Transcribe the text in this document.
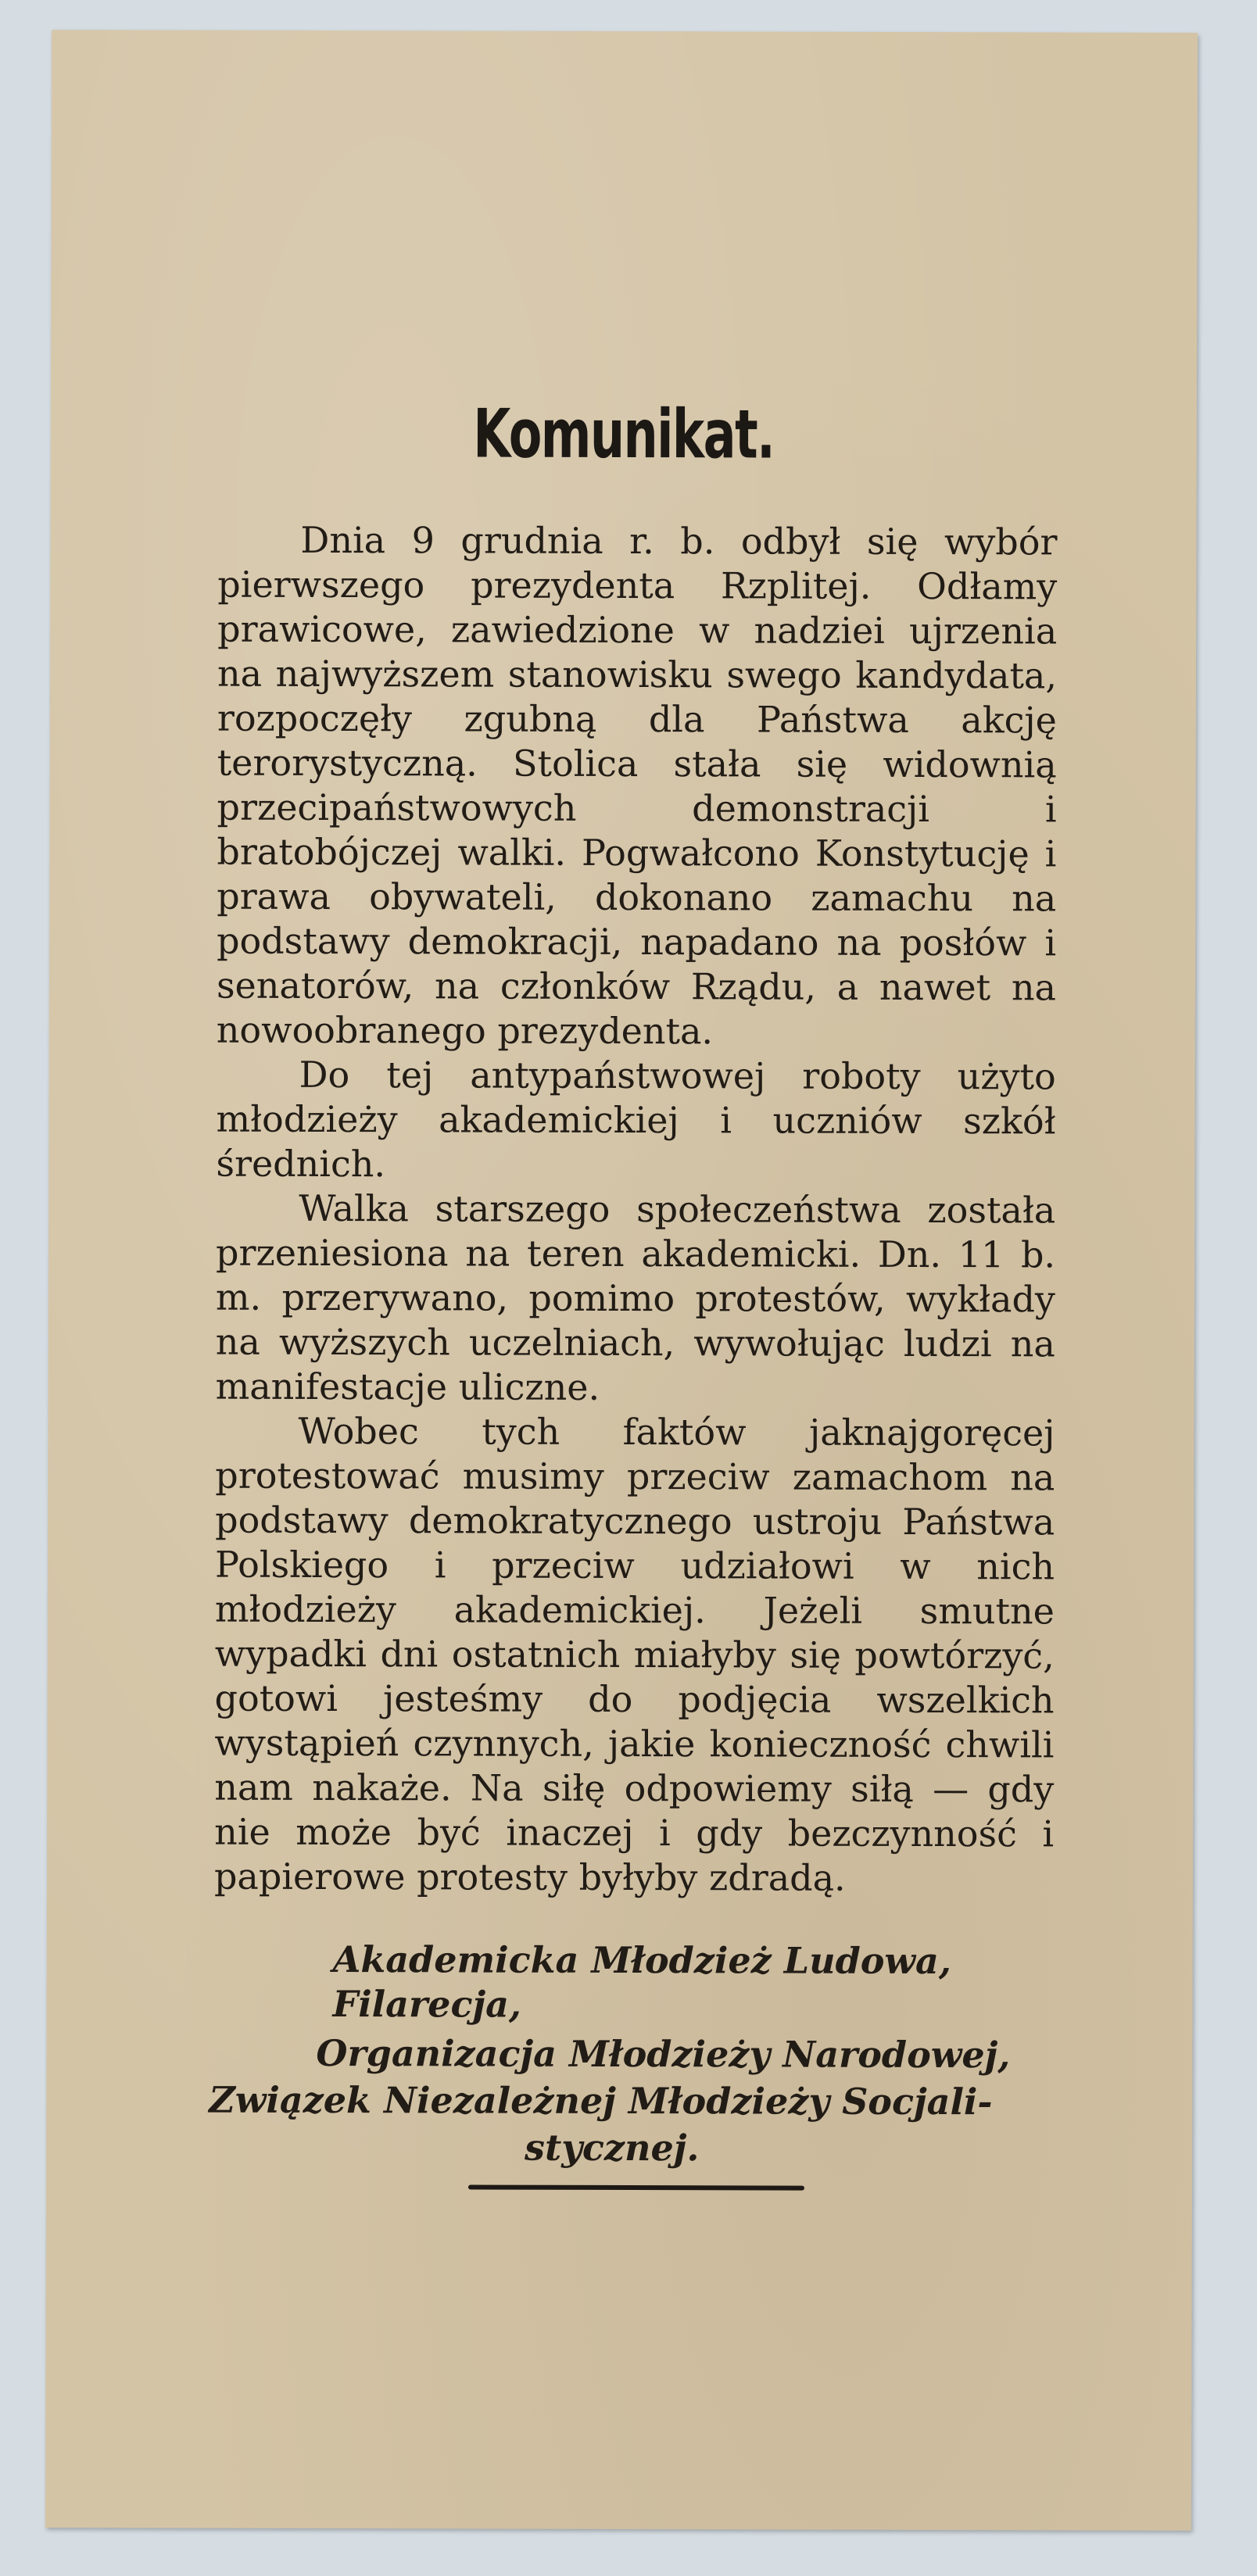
Komunikat.

Dnia 9 grudnia r. b. odbył się wybór pierwszego prezydenta Rzplitej. Odłamy prawicowe, zawiedzione w nadziei ujrzenia na najwyższem stanowisku swego kandydata, rozpoczęły zgubną dla Państwa akcję terorystyczną. Stolica stała się widownią przecipaństwowych demonstracji i bratobójczej walki. Pogwałcono Konstytucję i prawa obywateli, dokonano zamachu na podstawy demokracji, napadano na posłów i senatorów, na członków Rządu, a nawet na nowoobranego prezydenta.

Do tej antypaństwowej roboty użyto młodzieży akademickiej i uczniów szkół średnich.

Walka starszego społeczeństwa została przeniesiona na teren akademicki. Dn. 11 b. m. przerywano, pomimo protestów, wykłady na wyższych uczelniach, wywołując ludzi na manifestacje uliczne.

Wobec tych faktów jaknajgoręcej protestować musimy przeciw zamachom na podstawy demokratycznego ustroju Państwa Polskiego i przeciw udziałowi w nich młodzieży akademickiej. Jeżeli smutne wypadki dni ostatnich miałyby się powtórzyć, gotowi jesteśmy do podjęcia wszelkich wystąpień czynnych, jakie konieczność chwili nam nakaże. Na siłę odpowiemy siłą — gdy nie może być inaczej i gdy bezczynność i papierowe protesty byłyby zdradą.

Akademicka Młodzież Ludowa,
Filarecja,
Organizacja Młodzieży Narodowej,
Związek Niezależnej Młodzieży Socjali-
stycznej.
